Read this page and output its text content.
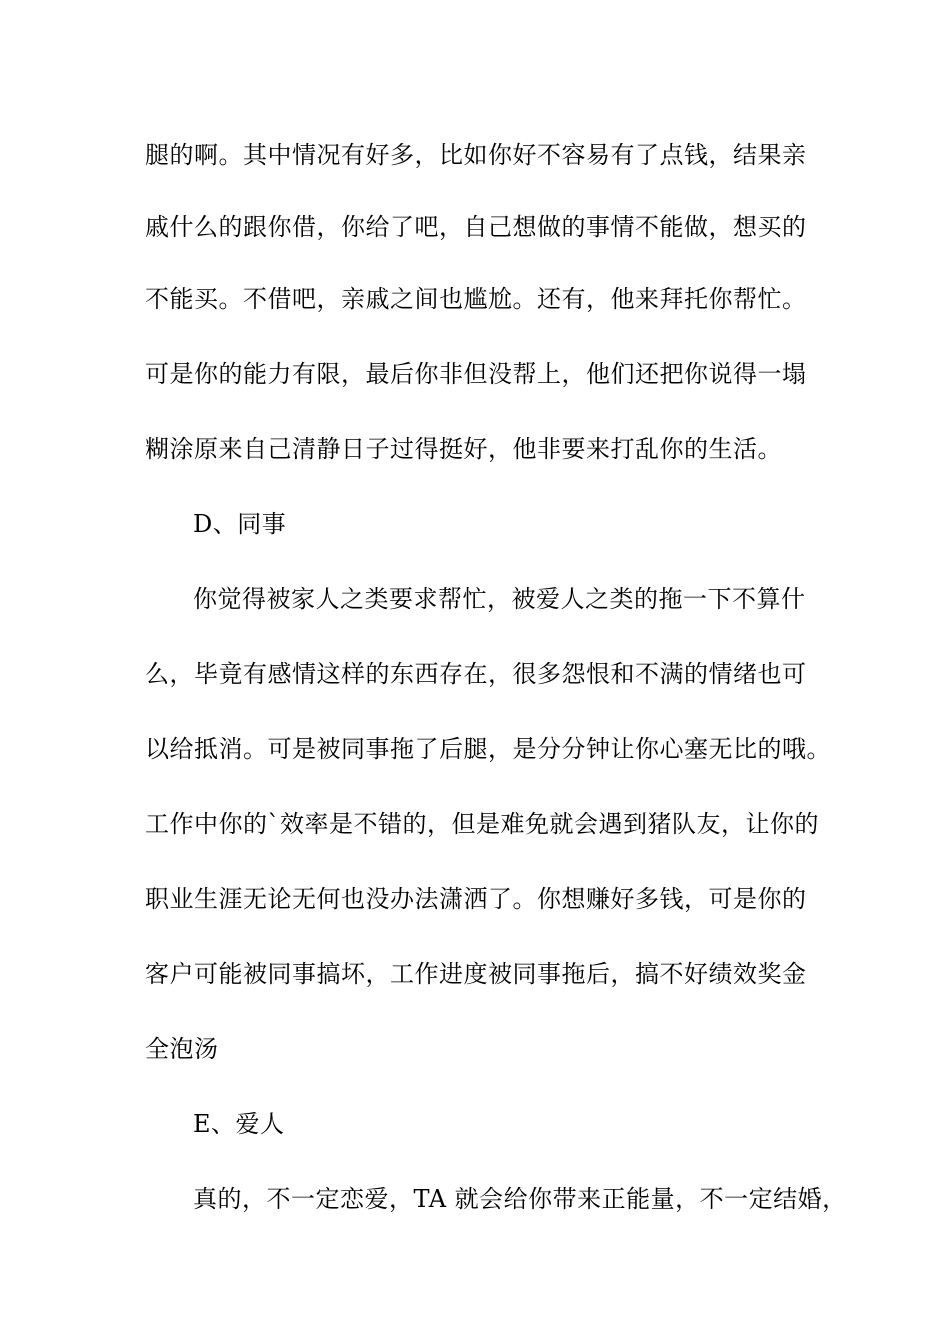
腿的啊。其中情况有好多，比如你好不容易有了点钱，结果亲
戚什么的跟你借，你给了吧，自己想做的事情不能做，想买的
不能买。不借吧，亲戚之间也尴尬。还有，他来拜托你帮忙。
可是你的能力有限，最后你非但没帮上，他们还把你说得一塌
糊涂原来自己清静日子过得挺好，他非要来打乱你的生活。
D、同事
你觉得被家人之类要求帮忙，被爱人之类的拖一下不算什
么，毕竟有感情这样的东西存在，很多怨恨和不满的情绪也可
以给抵消。可是被同事拖了后腿，是分分钟让你心塞无比的哦。
工作中你的`效率是不错的，但是难免就会遇到猪队友，让你的
职业生涯无论无何也没办法潇洒了。你想赚好多钱，可是你的
客户可能被同事搞坏，工作进度被同事拖后，搞不好绩效奖金
全泡汤
E、爱人
真的，不一定恋爱，TA 就会给你带来正能量，不一定结婚，
